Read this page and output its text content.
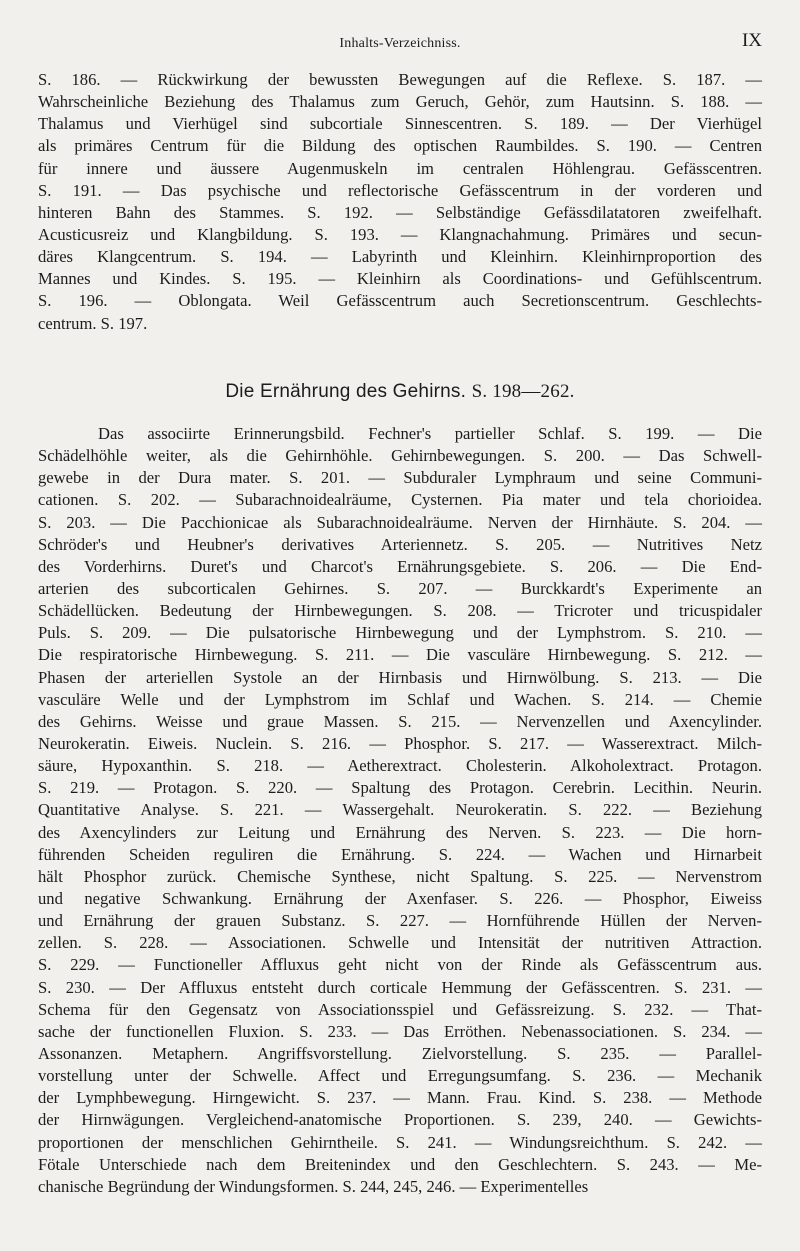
Inhalts-Verzeichniss.	IX
S. 186. — Rückwirkung der bewussten Bewegungen auf die Reflexe. S. 187. —
Wahrscheinliche Beziehung des Thalamus zum Geruch, Gehör, zum Hautsinn. S. 188. —
Thalamus und Vierhügel sind subcortiale Sinnescentren. S. 189. — Der Vierhügel
als primäres Centrum für die Bildung des optischen Raumbildes. S. 190. — Centren
für innere und äussere Augenmuskeln im centralen Höhlengrau. Gefässcentren.
S. 191. — Das psychische und reflectorische Gefässcentrum in der vorderen und
hinteren Bahn des Stammes. S. 192. — Selbständige Gefässdilatatoren zweifelhaft.
Acusticusreiz und Klangbildung. S. 193. — Klangnachahmung. Primäres und secun-
däres Klangcentrum. S. 194. — Labyrinth und Kleinhirn. Kleinhirnproportion des
Mannes und Kindes. S. 195. — Kleinhirn als Coordinations- und Gefühlscentrum.
S. 196. — Oblongata. Weil Gefässcentrum auch Secretionscentrum. Geschlechts-
centrum. S. 197.
Die Ernährung des Gehirns. S. 198—262.
Das associirte Erinnerungsbild. Fechner's partieller Schlaf. S. 199. — Die
Schädelhöhle weiter, als die Gehirnhöhle. Gehirnbewegungen. S. 200. — Das Schwell-
gewebe in der Dura mater. S. 201. — Subduraler Lymphraum und seine Communi-
cationen. S. 202. — Subarachnoidealräume, Cysternen. Pia mater und tela chorioidea.
S. 203. — Die Pacchionicae als Subarachnoidealräume. Nerven der Hirnhäute. S. 204. —
Schröder's und Heubner's derivatives Arteriennetz. S. 205. — Nutritives Netz
des Vorderhirns. Duret's und Charcot's Ernährungsgebiete. S. 206. — Die End-
arterien des subcorticalen Gehirnes. S. 207. — Burckkardt's Experimente an
Schädellücken. Bedeutung der Hirnbewegungen. S. 208. — Tricroter und tricuspidaler
Puls. S. 209. — Die pulsatorische Hirnbewegung und der Lymphstrom. S. 210. —
Die respiratorische Hirnbewegung. S. 211. — Die vasculäre Hirnbewegung. S. 212. —
Phasen der arteriellen Systole an der Hirnbasis und Hirnwölbung. S. 213. — Die
vasculäre Welle und der Lymphstrom im Schlaf und Wachen. S. 214. — Chemie
des Gehirns. Weisse und graue Massen. S. 215. — Nervenzellen und Axencylinder.
Neurokeratin. Eiweis. Nuclein. S. 216. — Phosphor. S. 217. — Wasserextract. Milch-
säure, Hypoxanthin. S. 218. — Aetherextract. Cholesterin. Alkoholextract. Protagon.
S. 219. — Protagon. S. 220. — Spaltung des Protagon. Cerebrin. Lecithin. Neurin.
Quantitative Analyse. S. 221. — Wassergehalt. Neurokeratin. S. 222. — Beziehung
des Axencylinders zur Leitung und Ernährung des Nerven. S. 223. — Die horn-
führenden Scheiden reguliren die Ernährung. S. 224. — Wachen und Hirnarbeit
hält Phosphor zurück. Chemische Synthese, nicht Spaltung. S. 225. — Nervenstrom
und negative Schwankung. Ernährung der Axenfaser. S. 226. — Phosphor, Eiweiss
und Ernährung der grauen Substanz. S. 227. — Hornführende Hüllen der Nerven-
zellen. S. 228. — Associationen. Schwelle und Intensität der nutritiven Attraction.
S. 229. — Functioneller Affluxus geht nicht von der Rinde als Gefässcentrum aus.
S. 230. — Der Affluxus entsteht durch corticale Hemmung der Gefässcentren. S. 231. —
Schema für den Gegensatz von Associationsspiel und Gefässreizung. S. 232. — That-
sache der functionellen Fluxion. S. 233. — Das Erröthen. Nebenassociationen. S. 234. —
Assonanzen. Metaphern. Angriffsvorstellung. Zielvorstellung. S. 235. — Parallel-
vorstellung unter der Schwelle. Affect und Erregungsumfang. S. 236. — Mechanik
der Lymphbewegung. Hirngewicht. S. 237. — Mann. Frau. Kind. S. 238. — Methode
der Hirnwägungen. Vergleichend-anatomische Proportionen. S. 239, 240. — Gewichts-
proportionen der menschlichen Gehirntheile. S. 241. — Windungsreichthum. S. 242. —
Fötale Unterschiede nach dem Breitenindex und den Geschlechtern. S. 243. — Me-
chanische Begründung der Windungsformen. S. 244, 245, 246. — Experimentelles
